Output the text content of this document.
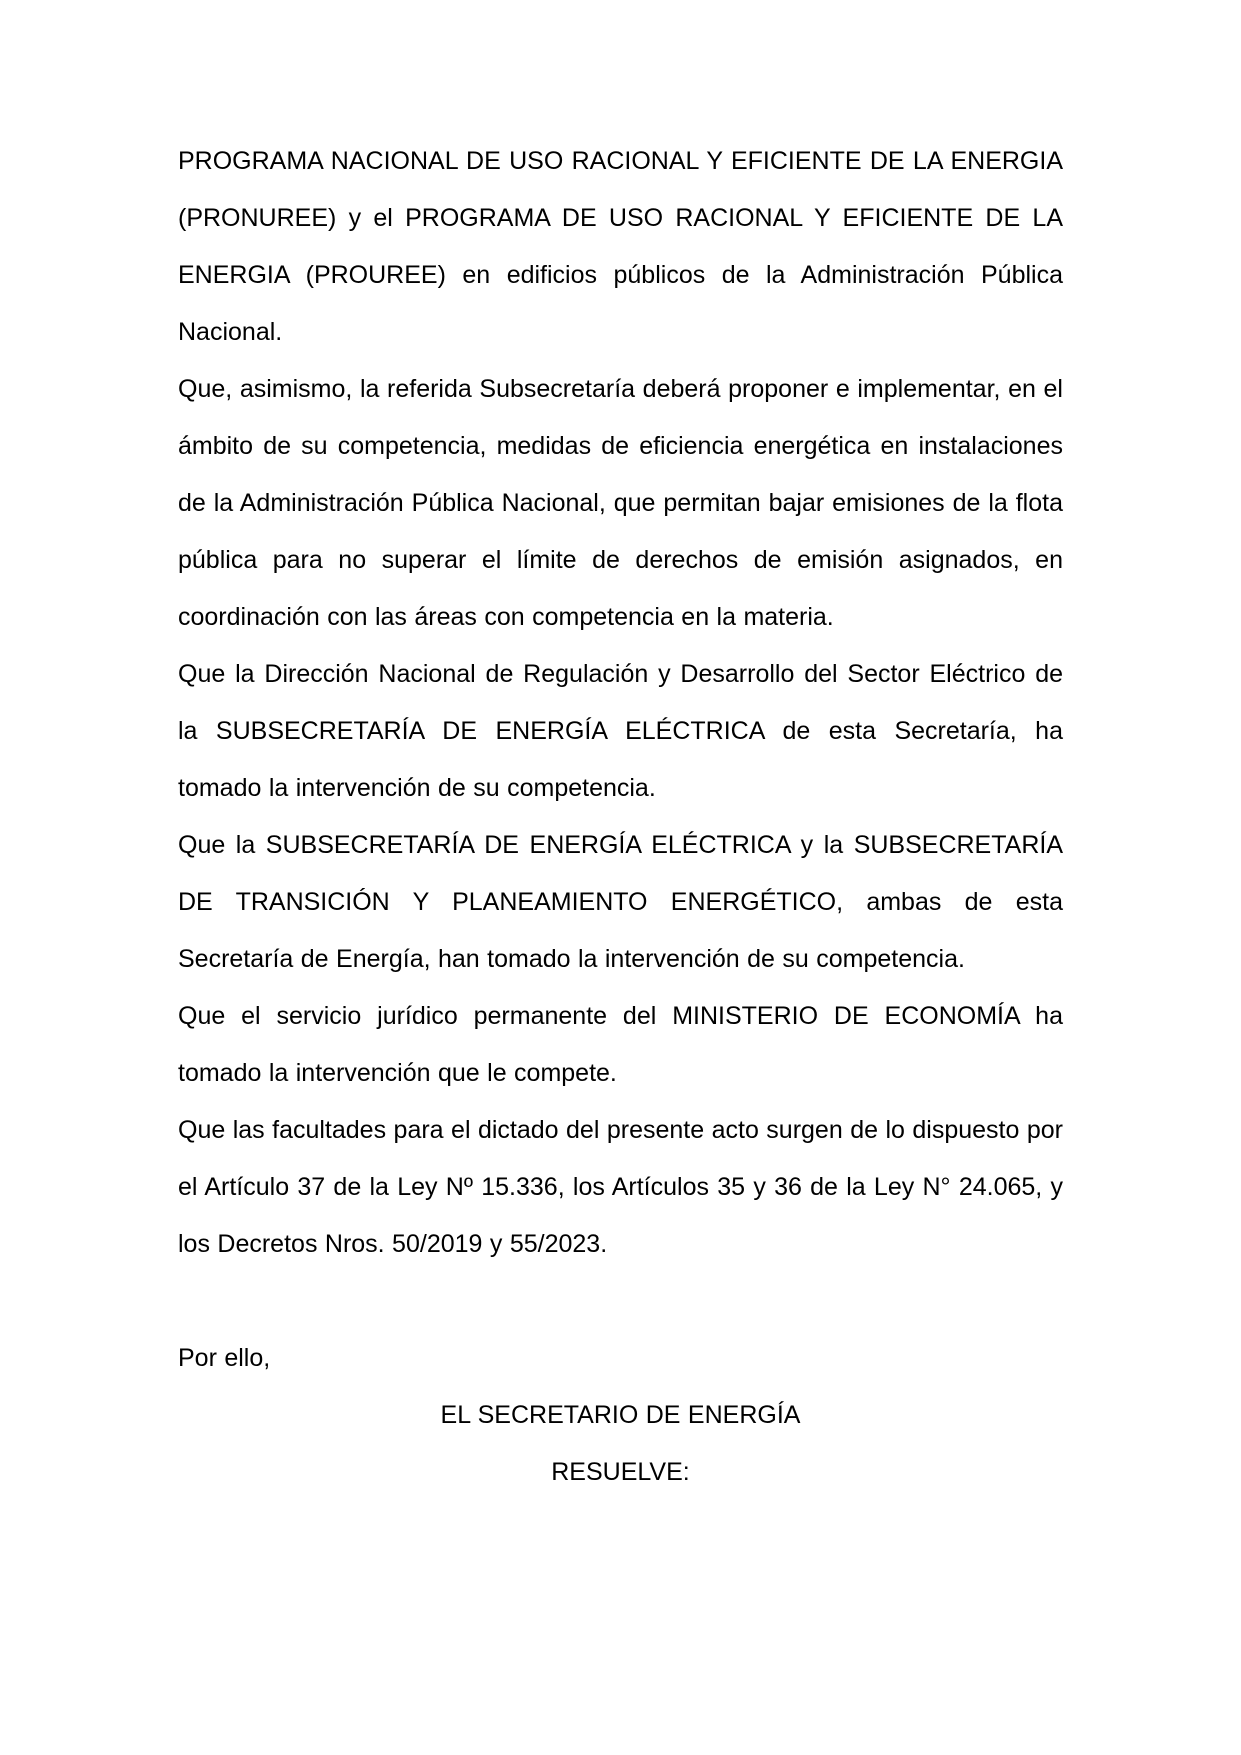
PROGRAMA NACIONAL DE USO RACIONAL Y EFICIENTE DE LA ENERGIA (PRONUREE) y el PROGRAMA DE USO RACIONAL Y EFICIENTE DE LA ENERGIA (PROUREE) en edificios públicos de la Administración Pública Nacional.

Que, asimismo, la referida Subsecretaría deberá proponer e implementar, en el ámbito de su competencia, medidas de eficiencia energética en instalaciones de la Administración Pública Nacional, que permitan bajar emisiones de la flota pública para no superar el límite de derechos de emisión asignados, en coordinación con las áreas con competencia en la materia.

Que la Dirección Nacional de Regulación y Desarrollo del Sector Eléctrico de la SUBSECRETARÍA DE ENERGÍA ELÉCTRICA de esta Secretaría, ha tomado la intervención de su competencia.

Que la SUBSECRETARÍA DE ENERGÍA ELÉCTRICA y la SUBSECRETARÍA DE TRANSICIÓN Y PLANEAMIENTO ENERGÉTICO, ambas de esta Secretaría de Energía, han tomado la intervención de su competencia.

Que el servicio jurídico permanente del MINISTERIO DE ECONOMÍA ha tomado la intervención que le compete.

Que las facultades para el dictado del presente acto surgen de lo dispuesto por el Artículo 37 de la Ley Nº 15.336, los Artículos 35 y 36 de la Ley N° 24.065, y los Decretos Nros. 50/2019 y 55/2023.

Por ello,

EL SECRETARIO DE ENERGÍA

RESUELVE:
